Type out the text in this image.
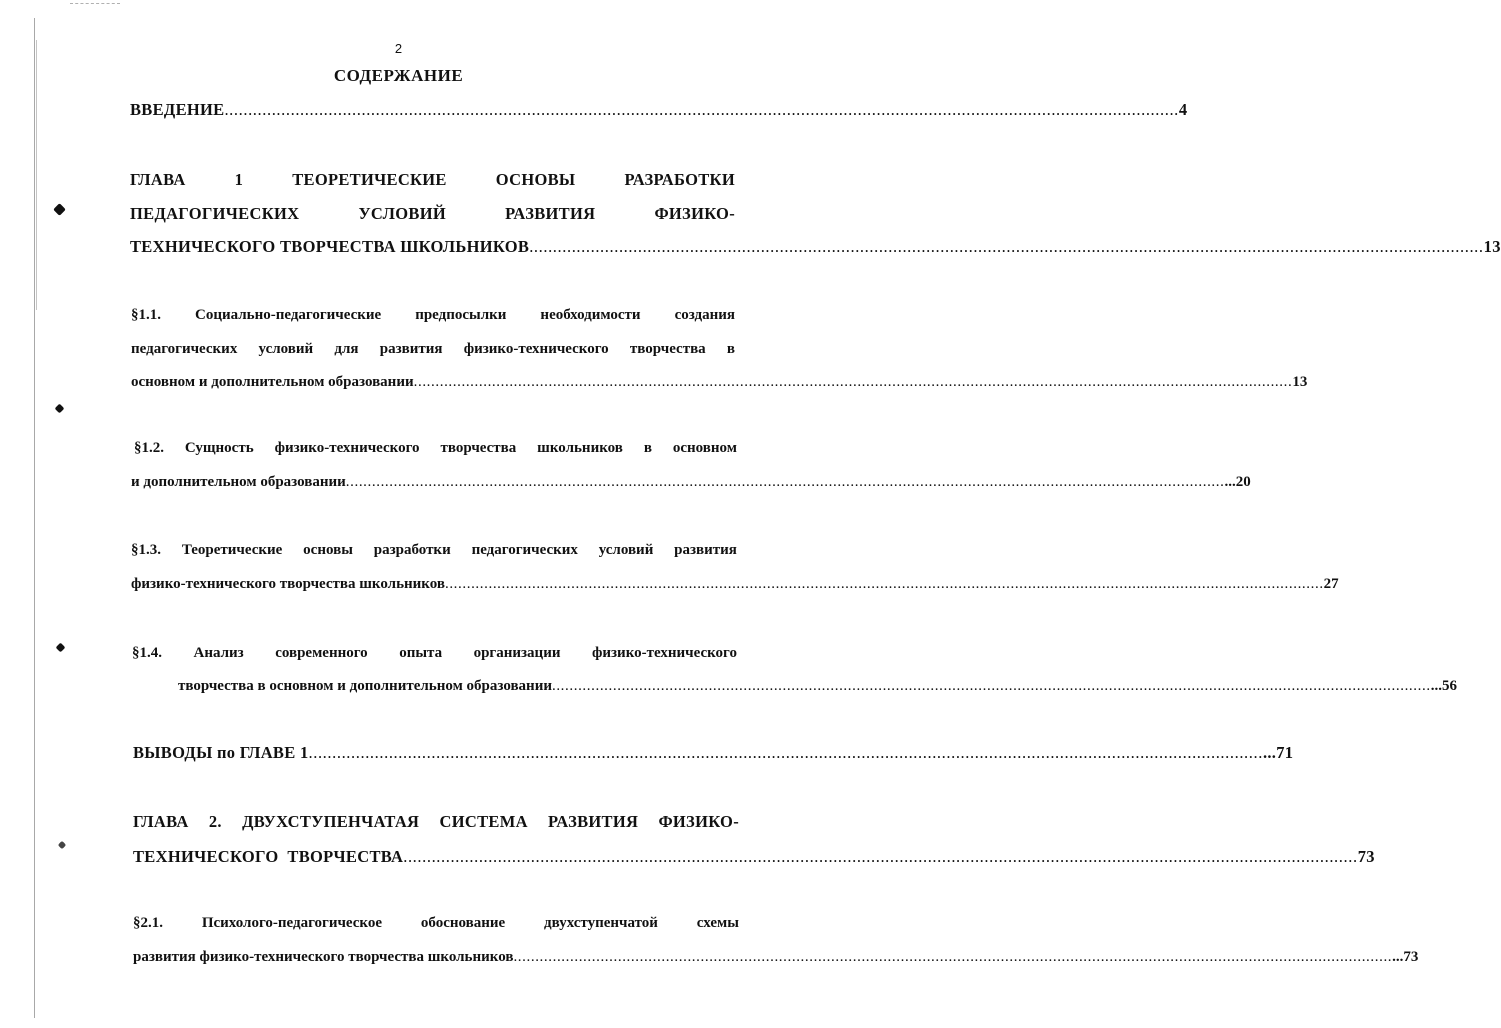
2
СОДЕРЖАНИЕ
ВВЕДЕНИЕ .......................................................................................................................................................................................................... 4
ГЛАВА	1	ТЕОРЕТИЧЕСКИЕ	ОСНОВЫ	РАЗРАБОТКИ
ПЕДАГОГИЧЕСКИХ	УСЛОВИЙ	РАЗВИТИЯ	ФИЗИКО-
ТЕХНИЧЕСКОГО ТВОРЧЕСТВА ШКОЛЬНИКОВ .......................................................................................................................................................................................................... 13
§1.1. Социально-педагогические предпосылки необходимости создания
педагогических условий для развития физико-технического творчества в
основном и дополнительном образовании .......................................................................................................................................................................................................... 13
§1.2. Сущность физико-технического творчества школьников в основном
и дополнительном образовании .......................................................................................................................................................................................................... ...20
§1.3. Теоретические основы разработки педагогических условий развития
физико-технического творчества школьников .......................................................................................................................................................................................................... 27
§1.4. Анализ современного опыта организации физико-технического
творчества в основном и дополнительном образовании .......................................................................................................................................................................................................... ...56
ВЫВОДЫ по ГЛАВЕ 1 .......................................................................................................................................................................................................... ...71
ГЛАВА 2. ДВУХСТУПЕНЧАТАЯ СИСТЕМА РАЗВИТИЯ ФИЗИКО-
ТЕХНИЧЕСКОГО  ТВОРЧЕСТВА .......................................................................................................................................................................................................... 73
§2.1.	Психолого-педагогическое	обоснование	двухступенчатой	схемы
развития физико-технического творчества школьников .......................................................................................................................................................................................................... ...73
